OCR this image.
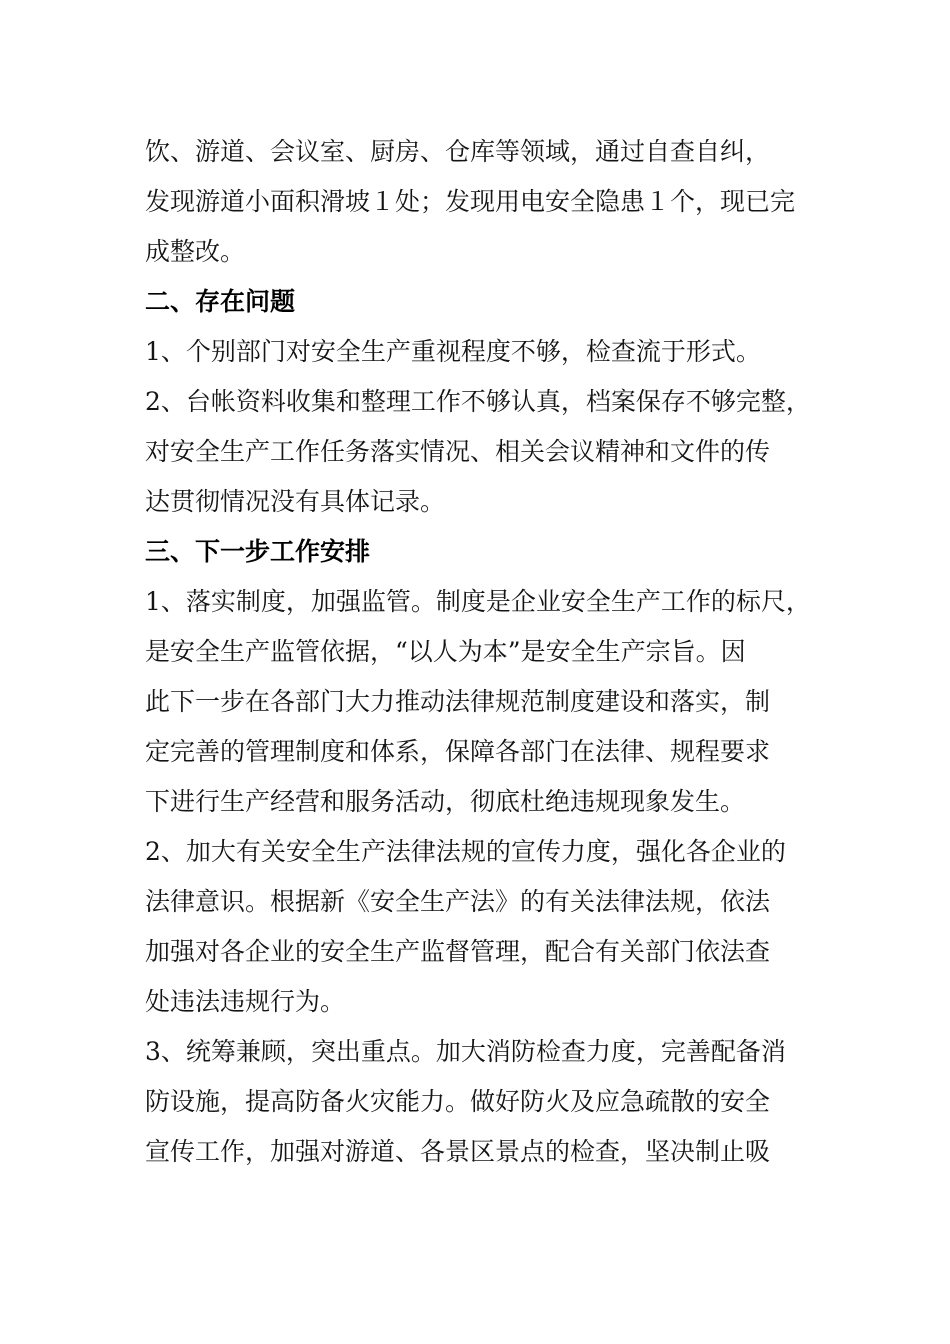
饮、游道、会议室、厨房、仓库等领域，通过自查自纠，
发现游道小面积滑坡１处；发现用电安全隐患１个，现已完
成整改。
二、存在问题
1、个别部门对安全生产重视程度不够，检查流于形式。
2、台帐资料收集和整理工作不够认真，档案保存不够完整，
对安全生产工作任务落实情况、相关会议精神和文件的传
达贯彻情况没有具体记录。
三、下一步工作安排
1、落实制度，加强监管。制度是企业安全生产工作的标尺，
是安全生产监管依据，“以人为本”是安全生产宗旨。因
此下一步在各部门大力推动法律规范制度建设和落实，制
定完善的管理制度和体系，保障各部门在法律、规程要求
下进行生产经营和服务活动，彻底杜绝违规现象发生。
2、加大有关安全生产法律法规的宣传力度，强化各企业的
法律意识。根据新《安全生产法》的有关法律法规，依法
加强对各企业的安全生产监督管理，配合有关部门依法查
处违法违规行为。
3、统筹兼顾，突出重点。加大消防检查力度，完善配备消
防设施，提高防备火灾能力。做好防火及应急疏散的安全
宣传工作，加强对游道、各景区景点的检查，坚决制止吸
